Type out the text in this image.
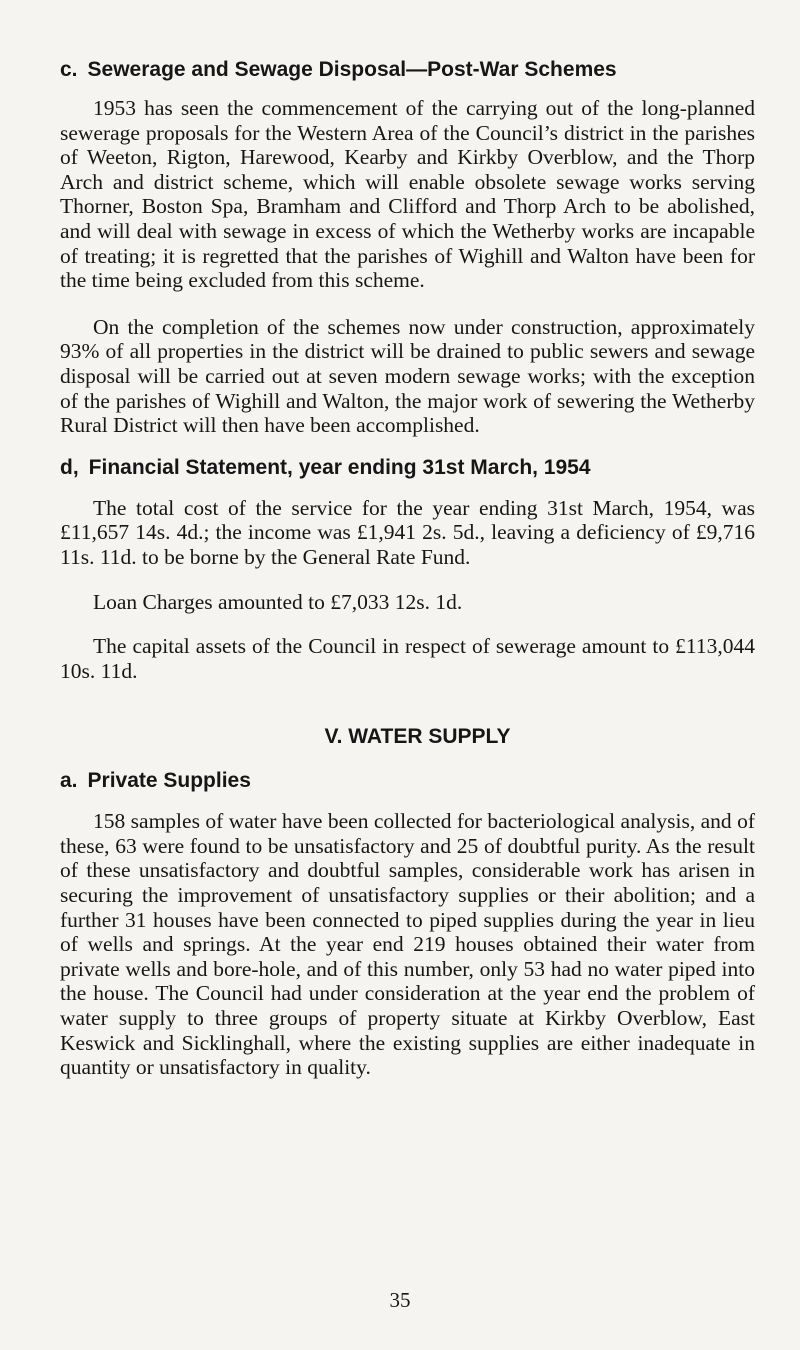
c. Sewerage and Sewage Disposal—Post-War Schemes

1953 has seen the commencement of the carrying out of the long-planned sewerage proposals for the Western Area of the Council’s district in the parishes of Weeton, Rigton, Harewood, Kearby and Kirkby Overblow, and the Thorp Arch and district scheme, which will enable obsolete sewage works serving Thorner, Boston Spa, Bramham and Clifford and Thorp Arch to be abolished, and will deal with sewage in excess of which the Wetherby works are incapable of treating; it is regretted that the parishes of Wighill and Walton have been for the time being excluded from this scheme.

On the completion of the schemes now under construction, approximately 93% of all properties in the district will be drained to public sewers and sewage disposal will be carried out at seven modern sewage works; with the exception of the parishes of Wighill and Walton, the major work of sewering the Wetherby Rural District will then have been accomplished.

d, Financial Statement, year ending 31st March, 1954

The total cost of the service for the year ending 31st March, 1954, was £11,657 14s. 4d.; the income was £1,941 2s. 5d., leaving a deficiency of £9,716 11s. 11d. to be borne by the General Rate Fund.

Loan Charges amounted to £7,033 12s. 1d.

The capital assets of the Council in respect of sewerage amount to £113,044 10s. 11d.

V. WATER SUPPLY
a. Private Supplies

158 samples of water have been collected for bacteriological analysis, and of these, 63 were found to be unsatisfactory and 25 of doubtful purity. As the result of these unsatisfactory and doubtful samples, considerable work has arisen in securing the improvement of unsatisfactory supplies or their abolition; and a further 31 houses have been connected to piped supplies during the year in lieu of wells and springs. At the year end 219 houses obtained their water from private wells and bore-hole, and of this number, only 53 had no water piped into the house. The Council had under consideration at the year end the problem of water supply to three groups of property situate at Kirkby Overblow, East Keswick and Sicklinghall, where the existing supplies are either inadequate in quantity or unsatisfactory in quality.

35
